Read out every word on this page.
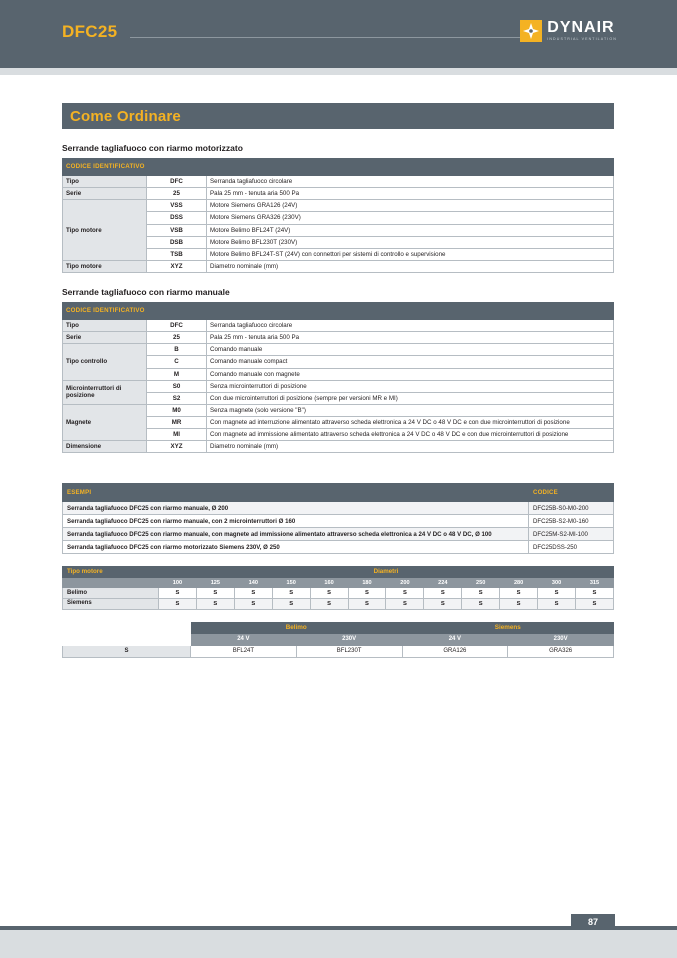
DFC25	DYNAIR
INDUSTRIAL VENTILATION
Come Ordinare
Serrande tagliafuoco con riarmo motorizzato
CODICE IDENTIFICATIVO		
Tipo	DFC	Serranda tagliafuoco circolare
Serie	25	Pala 25 mm - tenuta aria 500 Pa
Tipo motore	VSS	Motore Siemens GRA126 (24V)
	DSS	Motore Siemens GRA326 (230V)
	VSB	Motore Belimo BFL24T (24V)
	DSB	Motore Belimo BFL230T (230V)
	TSB	Motore Belimo BFL24T-ST (24V) con connettori per sistemi di controllo e supervisione
Tipo motore	XYZ	Diametro nominale (mm)
Serrande tagliafuoco con riarmo manuale
CODICE IDENTIFICATIVO		
Tipo	DFC	Serranda tagliafuoco circolare
Serie	25	Pala 25 mm - tenuta aria 500 Pa
Tipo controllo	B	Comando manuale
	C	Comando manuale compact
	M	Comando manuale con magnete
Microinterruttori di posizione	S0	Senza microinterruttori di posizione
	S2	Con due microinterruttori di posizione (sempre per versioni MR e MI)
Magnete	M0	Senza magnete (solo versione "B")
	MR	Con magnete ad interruzione alimentato attraverso scheda elettronica a 24 V DC o 48 V DC e con due microinterruttori di posizione
	MI	Con magnete ad immissione alimentato attraverso scheda elettronica a 24 V DC o 48 V DC e con due microinterruttori di posizione
Dimensione	XYZ	Diametro nominale (mm)
ESEMPI	CODICE
Serranda tagliafuoco DFC25 con riarmo manuale, Ø 200	DFC25B-S0-M0-200
Serranda tagliafuoco DFC25 con riarmo manuale, con 2 microinterruttori Ø 160	DFC25B-S2-M0-160
Serranda tagliafuoco DFC25 con riarmo manuale, con magnete ad immissione alimentato attraverso scheda elettronica a 24 V DC o 48 V DC, Ø 100	DFC25M-S2-MI-100
Serranda tagliafuoco DFC25 con riarmo motorizzato Siemens 230V, Ø 250	DFC25DSS-250
Tipo motore	Diametri											
	100	125	140	150	160	180	200	224	250	280	300	315
Belimo	S	S	S	S	S	S	S	S	S	S	S	S
Siemens	S	S	S	S	S	S	S	S	S	S	S	S
	Belimo		Siemens	
	24 V	230V	24 V	230V
S	BFL24T	BFL230T	GRA126	GRA326
87
